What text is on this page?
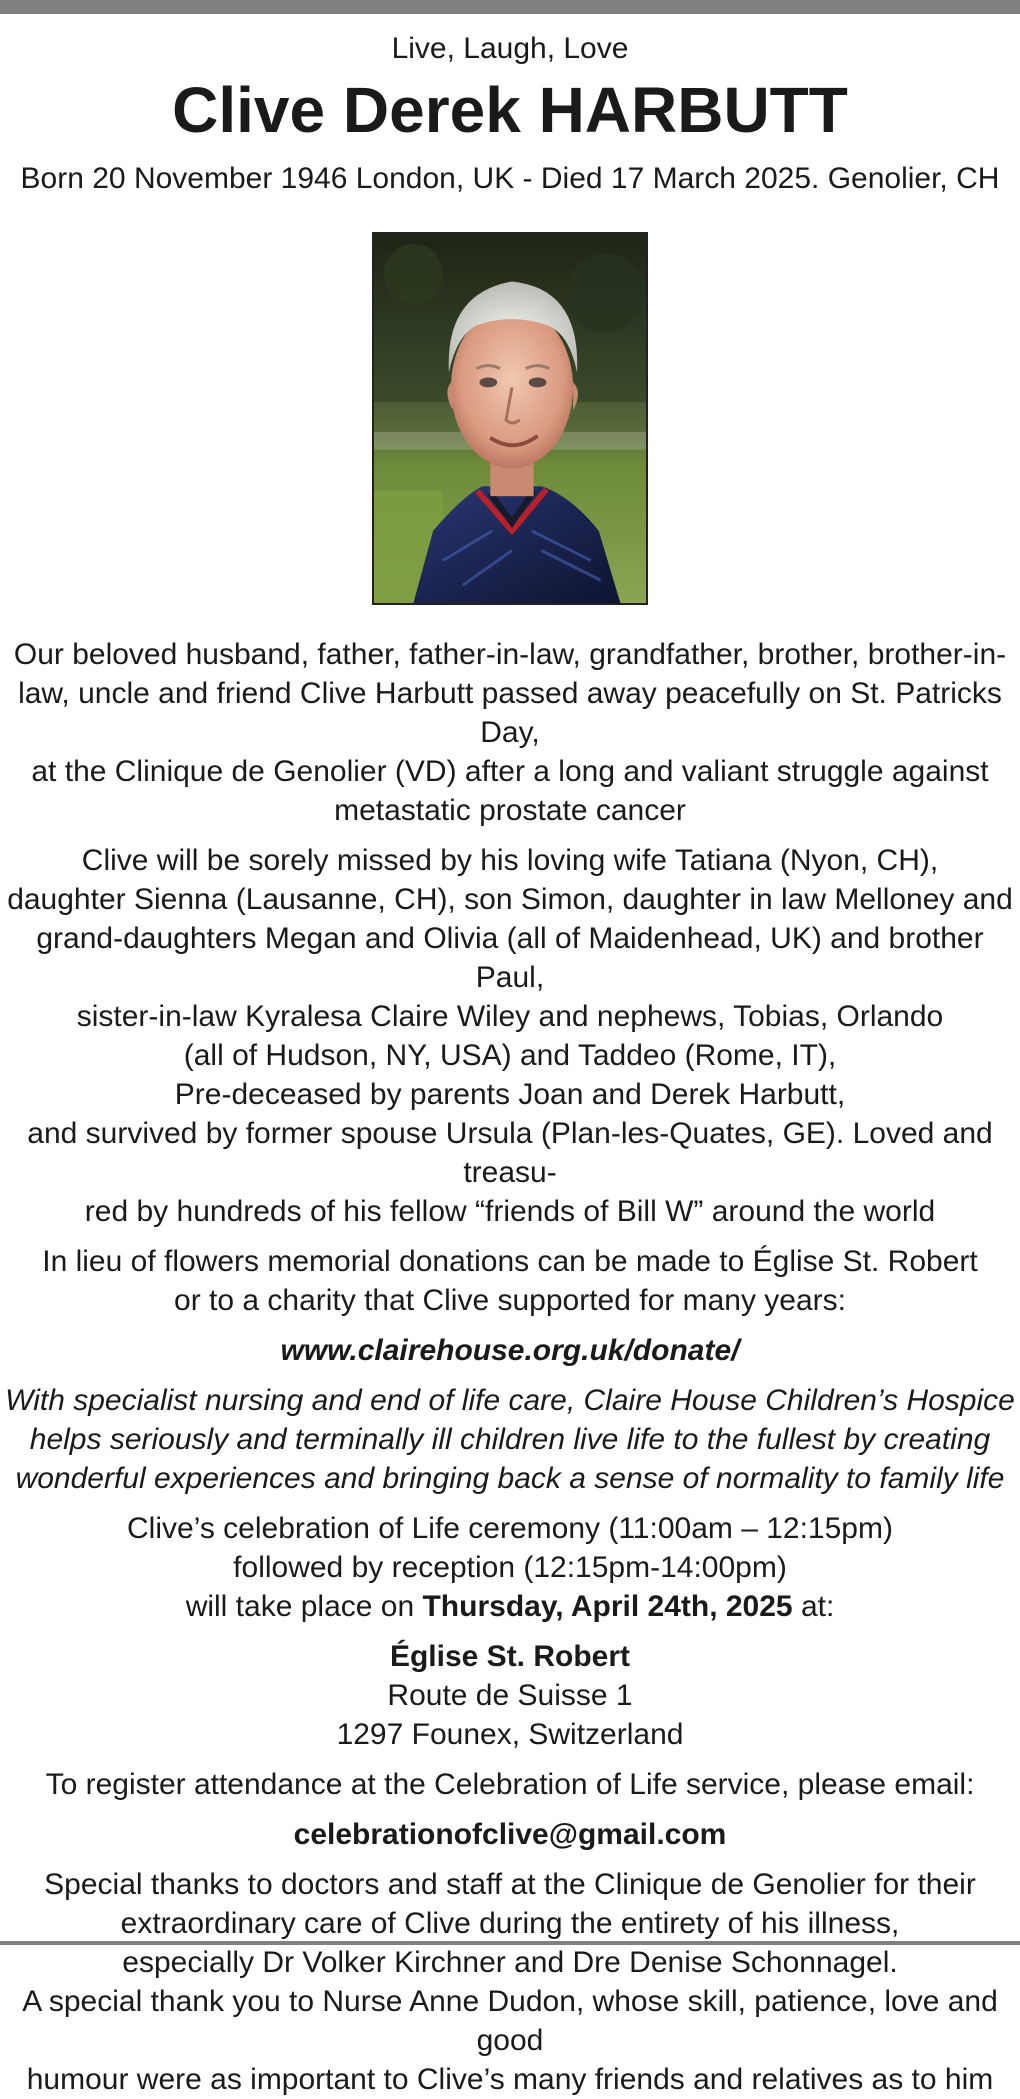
Live, Laugh, Love
Clive Derek HARBUTT
Born 20 November 1946 London, UK - Died 17 March 2025. Genolier, CH
Our beloved husband, father, father-in-law, grandfather, brother, brother-in-
law, uncle and friend Clive Harbutt passed away peacefully on St. Patricks Day,
at the Clinique de Genolier (VD) after a long and valiant struggle against
metastatic prostate cancer
Clive will be sorely missed by his loving wife Tatiana (Nyon, CH),
daughter Sienna (Lausanne, CH), son Simon, daughter in law Melloney and
grand-daughters Megan and Olivia (all of Maidenhead, UK) and brother Paul,
sister-in-law Kyralesa Claire Wiley and nephews, Tobias, Orlando
(all of Hudson, NY, USA) and Taddeo (Rome, IT),
Pre-deceased by parents Joan and Derek Harbutt,
and survived by former spouse Ursula (Plan-les-Quates, GE). Loved and treasu-
red by hundreds of his fellow “friends of Bill W” around the world
In lieu of flowers memorial donations can be made to Église St. Robert
or to a charity that Clive supported for many years:
www.clairehouse.org.uk/donate/
With specialist nursing and end of life care, Claire House Children’s Hospice
helps seriously and terminally ill children live life to the fullest by creating
wonderful experiences and bringing back a sense of normality to family life
Clive’s celebration of Life ceremony (11:00am – 12:15pm)
followed by reception (12:15pm-14:00pm)
will take place on Thursday, April 24th, 2025 at:
Église St. Robert
Route de Suisse 1
1297 Founex, Switzerland
To register attendance at the Celebration of Life service, please email:
celebrationofclive@gmail.com
Special thanks to doctors and staff at the Clinique de Genolier for their
extraordinary care of Clive during the entirety of his illness,
especially Dr Volker Kirchner and Dre Denise Schonnagel.
A special thank you to Nurse Anne Dudon, whose skill, patience, love and good
humour were as important to Clive’s many friends and relatives as to him
